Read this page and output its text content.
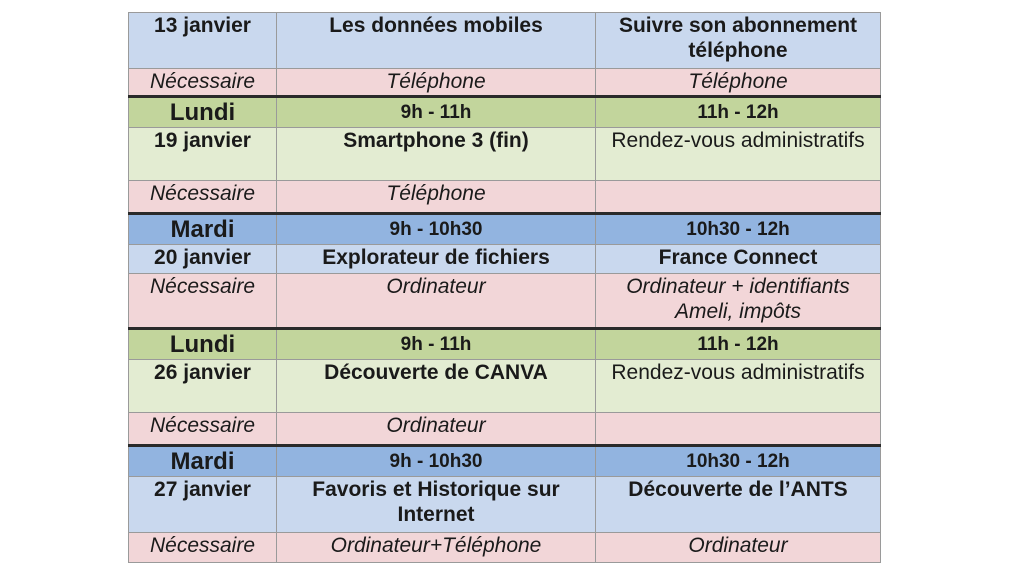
13 janvier	Les données mobiles	Suivre son abonnement téléphone
Nécessaire	Téléphone	Téléphone
Lundi	9h - 11h	11h - 12h
19 janvier	Smartphone 3 (fin)	Rendez-vous administratifs
Nécessaire	Téléphone	
Mardi	9h - 10h30	10h30 - 12h
20 janvier	Explorateur de fichiers	France Connect
Nécessaire	Ordinateur	Ordinateur + identifiants Ameli, impôts
Lundi	9h - 11h	11h - 12h
26 janvier	Découverte de CANVA	Rendez-vous administratifs
Nécessaire	Ordinateur	
Mardi	9h - 10h30	10h30 - 12h
27 janvier	Favoris et Historique sur Internet	Découverte de l’ANTS
Nécessaire	Ordinateur+Téléphone	Ordinateur
